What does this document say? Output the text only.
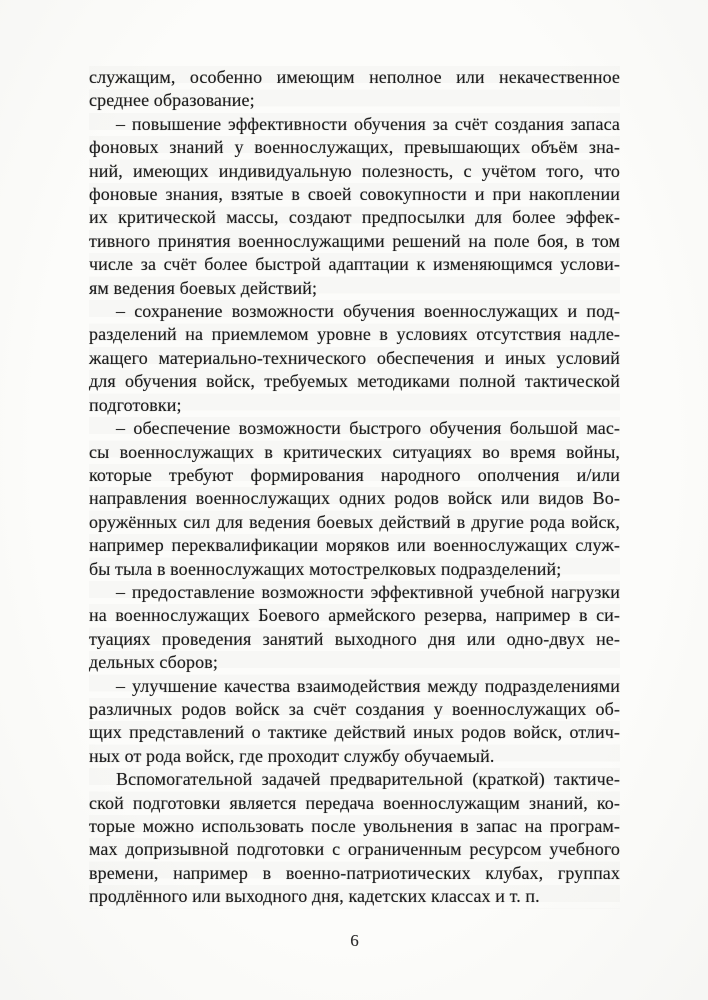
служащим, особенно имеющим неполное или некачественное
среднее образование;
– повышение эффективности обучения за счёт создания запаса
фоновых знаний у военнослужащих, превышающих объём зна-
ний, имеющих индивидуальную полезность, с учётом того, что
фоновые знания, взятые в своей совокупности и при накоплении
их критической массы, создают предпосылки для более эффек-
тивного принятия военнослужащими решений на поле боя, в том
числе за счёт более быстрой адаптации к изменяющимся услови-
ям ведения боевых действий;
– сохранение возможности обучения военнослужащих и под-
разделений на приемлемом уровне в условиях отсутствия надле-
жащего материально-технического обеспечения и иных условий
для обучения войск, требуемых методиками полной тактической
подготовки;
– обеспечение возможности быстрого обучения большой мас-
сы военнослужащих в критических ситуациях во время войны,
которые требуют формирования народного ополчения и/или
направления военнослужащих одних родов войск или видов Во-
оружённых сил для ведения боевых действий в другие рода войск,
например переквалификации моряков или военнослужащих служ-
бы тыла в военнослужащих мотострелковых подразделений;
– предоставление возможности эффективной учебной нагрузки
на военнослужащих Боевого армейского резерва, например в си-
туациях проведения занятий выходного дня или одно-двух не-
дельных сборов;
– улучшение качества взаимодействия между подразделениями
различных родов войск за счёт создания у военнослужащих об-
щих представлений о тактике действий иных родов войск, отлич-
ных от рода войск, где проходит службу обучаемый.
Вспомогательной задачей предварительной (краткой) тактиче-
ской подготовки является передача военнослужащим знаний, ко-
торые можно использовать после увольнения в запас на програм-
мах допризывной подготовки с ограниченным ресурсом учебного
времени, например в военно-патриотических клубах, группах
продлённого или выходного дня, кадетских классах и т. п.
6
